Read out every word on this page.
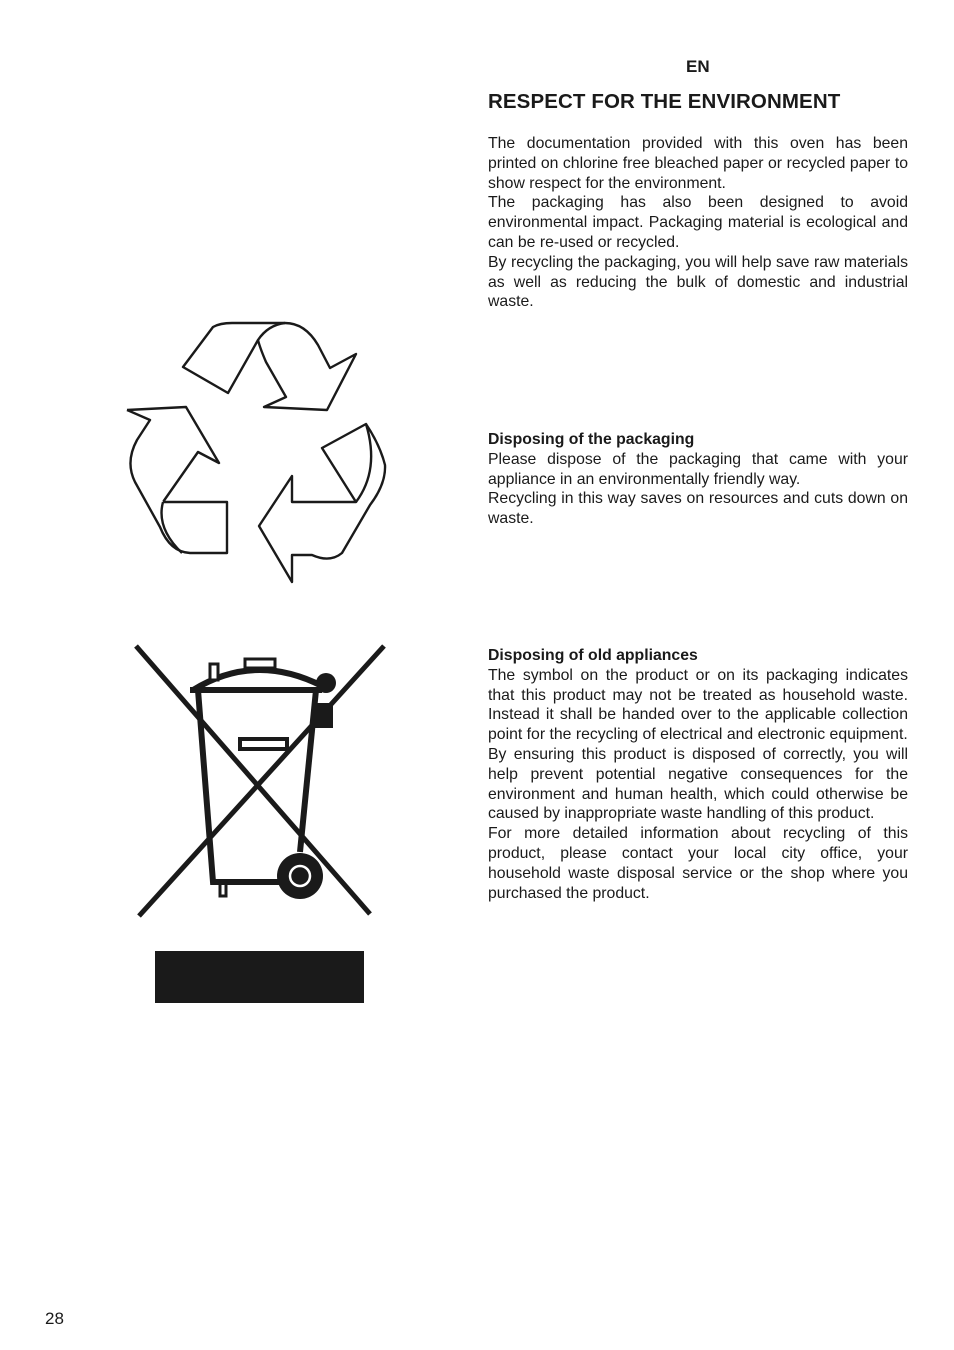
EN
RESPECT FOR THE ENVIRONMENT

The documentation provided with this oven has been printed on chlorine free bleached paper or recycled paper to show respect for the environment.

The packaging has also been designed to avoid environmental impact. Packaging material is ecological and can be re-used or recycled.

By recycling the packaging, you will help save raw materials as well as reducing the bulk of domestic and industrial waste.

Disposing of the packaging

Please dispose of the packaging that came with your appliance in an environmentally friendly way.

Recycling in this way saves on resources and cuts down on waste.

Disposing of old appliances

The symbol on the product or on its packaging indicates that this product may not be treated as household waste. Instead it shall be handed over to the applicable collection point for the recycling of electrical and electronic equipment.

By ensuring this product is disposed of correctly, you will help prevent potential negative consequences for the environment and human health, which could otherwise be caused by inappropriate waste handling of this product.

For more detailed information about recycling of this product, please contact your local city office, your household waste disposal service or the shop where you purchased the product.

28
